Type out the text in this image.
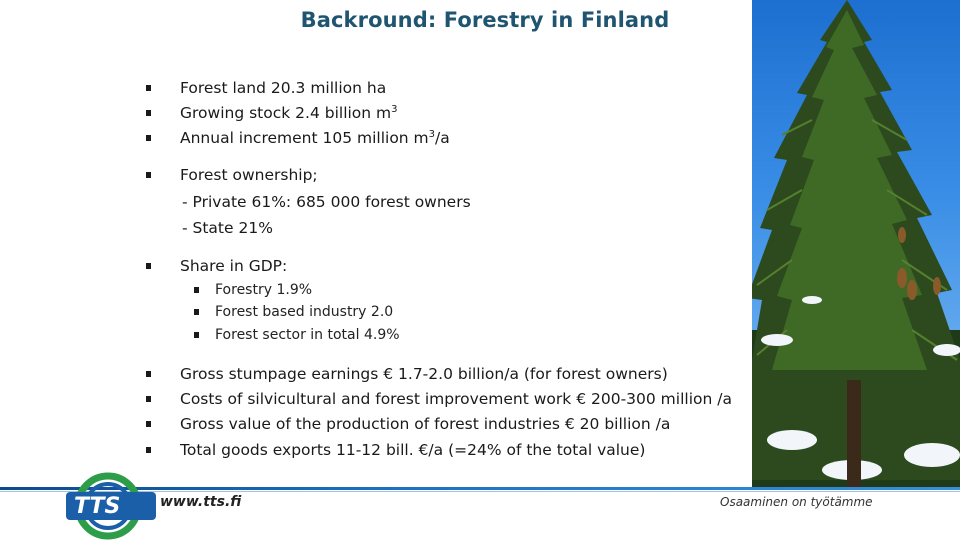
Backround: Forestry in Finland
Forest land 20.3 million ha
Growing stock 2.4 billion $m^3$
Annual increment 105 million $m^3/a$
Forest ownership;
- Private 61%: 685 000 forest owners
- State 21%
Share in GDP:
Forestry 1.9%
Forest based industry 2.0
Forest sector in total 4.9%
Gross stumpage earnings € 1.7-2.0 billion/a (for forest owners)
Costs of silvicultural and forest improvement work € 200-300 million /a
Gross value of the production of forest industries € 20 billion /a
Total goods exports 11-12 bill. €/a (=24% of the total value)
TTS	www.tts.fi	Osaaminen on työtämme
